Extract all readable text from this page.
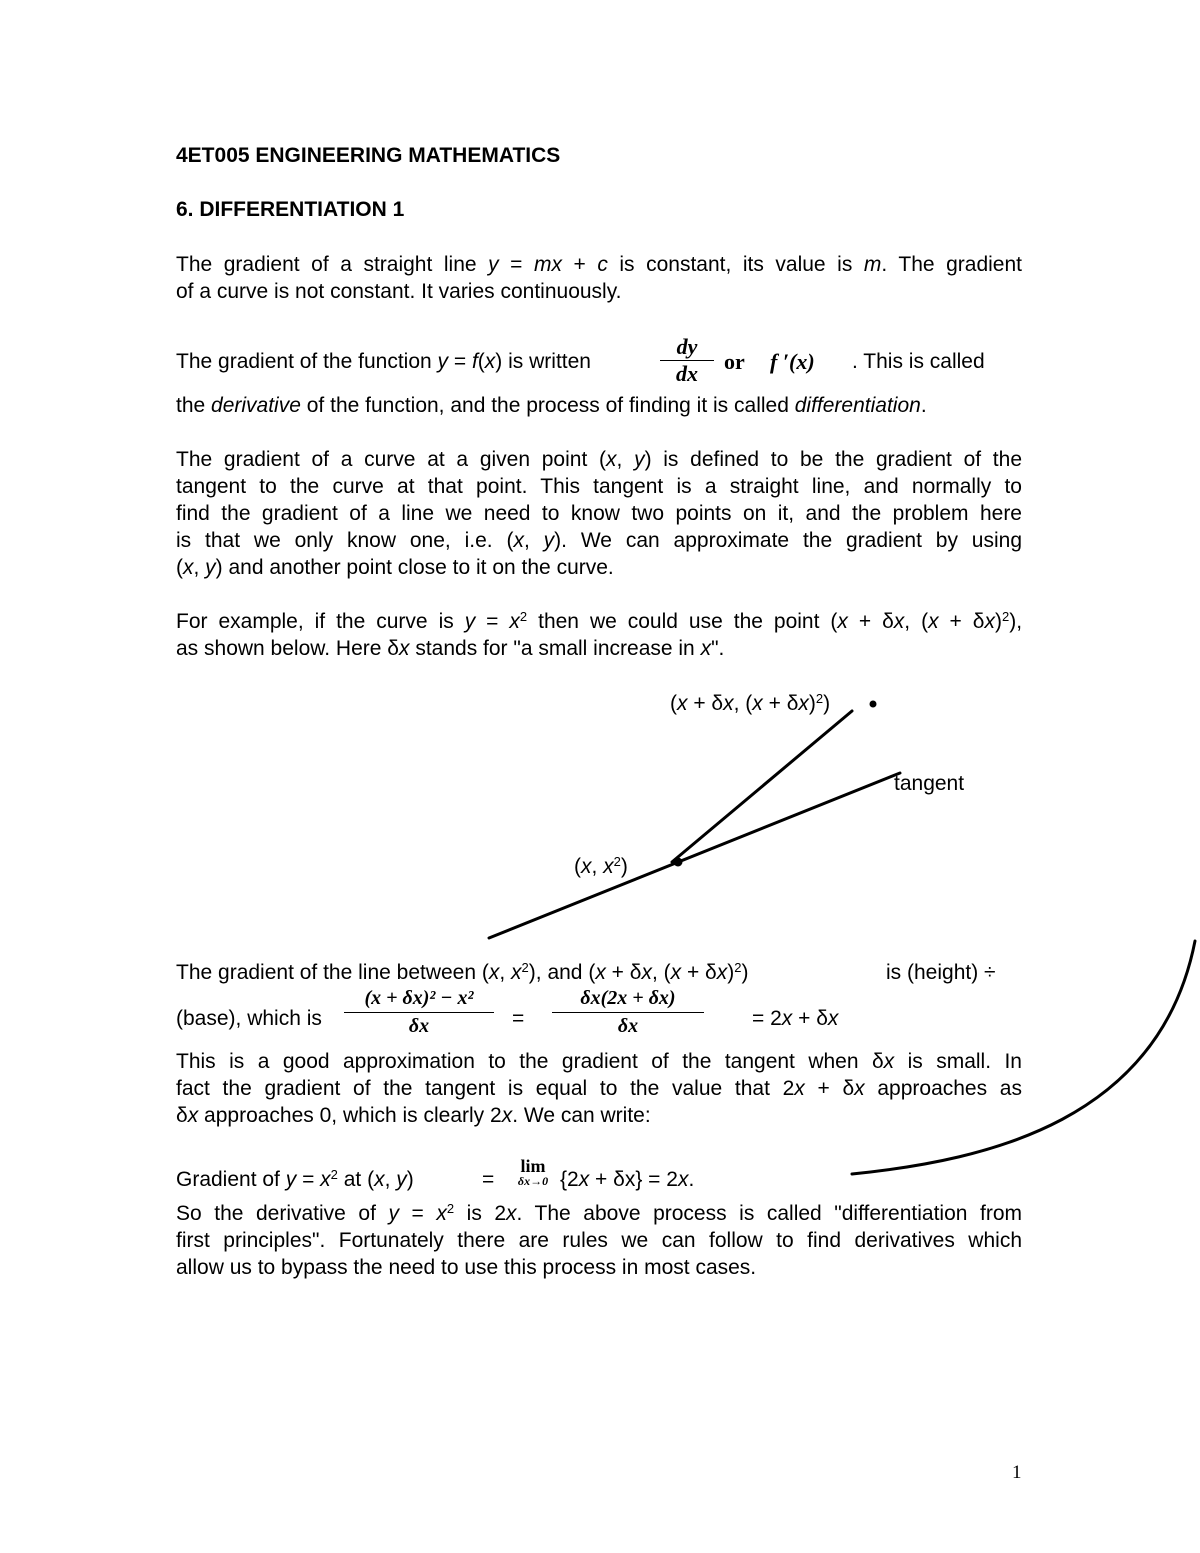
4ET005 ENGINEERING MATHEMATICS
6. DIFFERENTIATION 1
The gradient of a straight line y = mx + c is constant, its value is m. The gradient
of a curve is not constant. It varies continuously.
The gradient of the function y = f(x) is written	$\frac{dy}{dx}$ or f ′(x) . This is called
the derivative of the function, and the process of finding it is called differentiation.
The gradient of a curve at a given point (x, y) is defined to be the gradient of the
tangent to the curve at that point. This tangent is a straight line, and normally to
find the gradient of a line we need to know two points on it, and the problem here
is that we only know one, i.e. (x, y). We can approximate the gradient by using
(x, y) and another point close to it on the curve.
For example, if the curve is $y = x^2$ then we could use the point (x + δx, $(x + \delta x)^2$),
as shown below. Here δx stands for "a small increase in x".
(x + δx, $(x + \delta x)^2$)
tangent
(x, $x^2$)
The gradient of the line between (x, $x^2$), and (x + δx, $(x + \delta x)^2$)	is (height) ÷
(base), which is $\frac{\text{(x + δx)² − x²}}{\delta x} = \frac{\delta x(2x + \delta x)}{\delta x} = 2x + \delta x$
This is a good approximation to the gradient of the tangent when δx is small. In
fact the gradient of the tangent is equal to the value that 2x + δx approaches as
δx approaches 0, which is clearly 2x. We can write:
Gradient of $y = x^2$ at (x, y)	=
lim
δx→0 {2x + δx} = 2x.
So the derivative of $y = x^2$ is 2x. The above process is called "differentiation from
first principles". Fortunately there are rules we can follow to find derivatives which
allow us to bypass the need to use this process in most cases.
1
